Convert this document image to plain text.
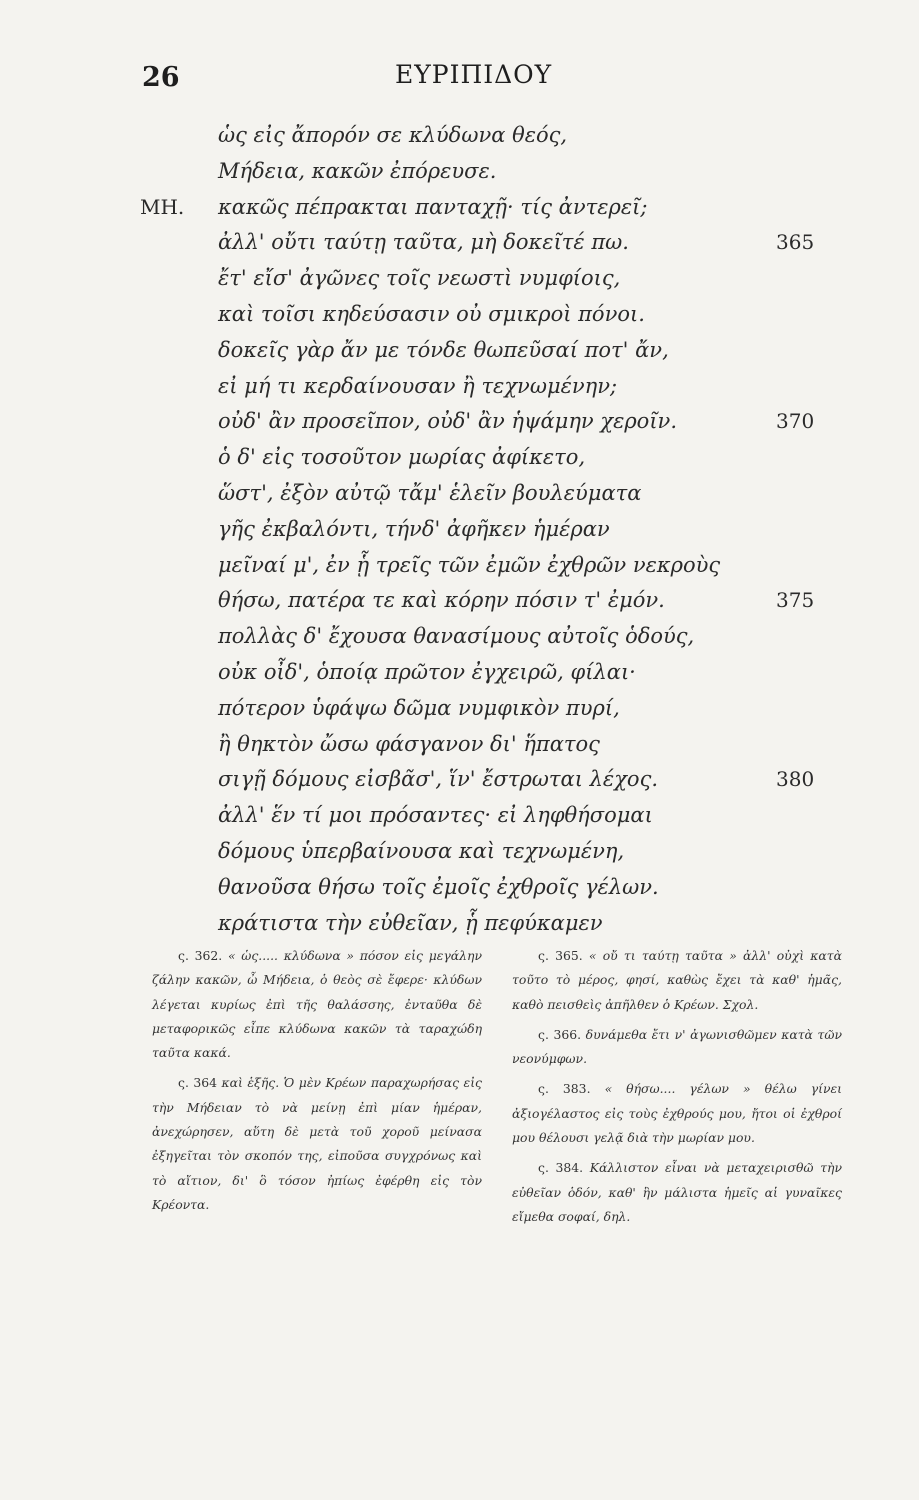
26	ΕΥΡΙΠΙΔΟΥ
ὡς εἰς ἄπορόν σε κλύδωνα θεός,
Μήδεια, κακῶν ἐπόρευσε.
ΜΗ. κακῶς πέπρακται πανταχῇ· τίς ἀντερεῖ;
ἀλλ' οὔτι ταύτῃ ταῦτα, μὴ δοκεῖτέ πω.	365
ἔτ' εἴσ' ἀγῶνες τοῖς νεωστὶ νυμφίοις,
καὶ τοῖσι κηδεύσασιν οὐ σμικροὶ πόνοι.
δοκεῖς γὰρ ἄν με τόνδε θωπεῦσαί ποτ' ἄν,
εἰ μή τι κερδαίνουσαν ἢ τεχνωμένην;
οὐδ' ἂν προσεῖπον, οὐδ' ἂν ἡψάμην χεροῖν.	370
ὁ δ' εἰς τοσοῦτον μωρίας ἀφίκετο,
ὥστ', ἐξὸν αὐτῷ τἄμ' ἑλεῖν βουλεύματα
γῆς ἐκβαλόντι, τήνδ' ἀφῆκεν ἡμέραν
μεῖναί μ', ἐν ᾗ τρεῖς τῶν ἐμῶν ἐχθρῶν νεκροὺς
θήσω, πατέρα τε καὶ κόρην πόσιν τ' ἐμόν.	375
πολλὰς δ' ἔχουσα θανασίμους αὐτοῖς ὁδούς,
οὐκ οἶδ', ὁποίᾳ πρῶτον ἐγχειρῶ, φίλαι·
πότερον ὑφάψω δῶμα νυμφικὸν πυρί,
ἢ θηκτὸν ὤσω φάσγανον δι' ἥπατος
σιγῇ δόμους εἰσβᾶσ', ἵν' ἔστρωται λέχος.	380
ἀλλ' ἕν τί μοι πρόσαντες· εἰ ληφθήσομαι
δόμους ὑπερβαίνουσα καὶ τεχνωμένη,
θανοῦσα θήσω τοῖς ἐμοῖς ἐχθροῖς γέλων.
κράτιστα τὴν εὐθεῖαν, ᾗ πεφύκαμεν

ς. 362. « ὡς..... κλύδωνα » πόσον εἰς μεγάλην ζάλην κακῶν, ὦ Μήδεια, ὁ θεὸς σὲ ἔφερε· κλύδων λέγεται κυρίως ἐπὶ τῆς θαλάσσης, ἐνταῦθα δὲ μεταφορικῶς εἶπε κλύδωνα κακῶν τὰ ταραχώδη ταῦτα κακά.

ς. 364 καὶ ἑξῆς. Ὁ μὲν Κρέων παραχωρήσας εἰς τὴν Μήδειαν τὸ νὰ μείνῃ ἐπὶ μίαν ἡμέραν, ἀνεχώρησεν, αὕτη δὲ μετὰ τοῦ χοροῦ μείνασα ἐξηγεῖται τὸν σκοπόν της, εἰποῦσα συγχρόνως καὶ τὸ αἴτιον, δι' ὃ τόσον ἠπίως ἐφέρθη εἰς τὸν Κρέοντα.

ς. 365. « οὔ τι ταύτῃ ταῦτα » ἀλλ' οὐχὶ κατὰ τοῦτο τὸ μέρος, φησί, καθὼς ἔχει τὰ καθ' ἡμᾶς, καθὸ πεισθεὶς ἀπῆλθεν ὁ Κρέων. Σχολ.

ς. 366. δυνάμεθα ἔτι ν' ἀγωνισθῶμεν κατὰ τῶν νεονύμφων.

ς. 383. « θήσω.... γέλων » θέλω γίνει ἀξιογέλαστος εἰς τοὺς ἐχθρούς μου, ἤτοι οἱ ἐχθροί μου θέλουσι γελᾷ διὰ τὴν μωρίαν μου.

ς. 384. Κάλλιστον εἶναι νὰ μεταχειρισθῶ τὴν εὐθεῖαν ὁδόν, καθ' ἣν μάλιστα ἡμεῖς αἱ γυναῖκες εἴμεθα σοφαί, δηλ.
